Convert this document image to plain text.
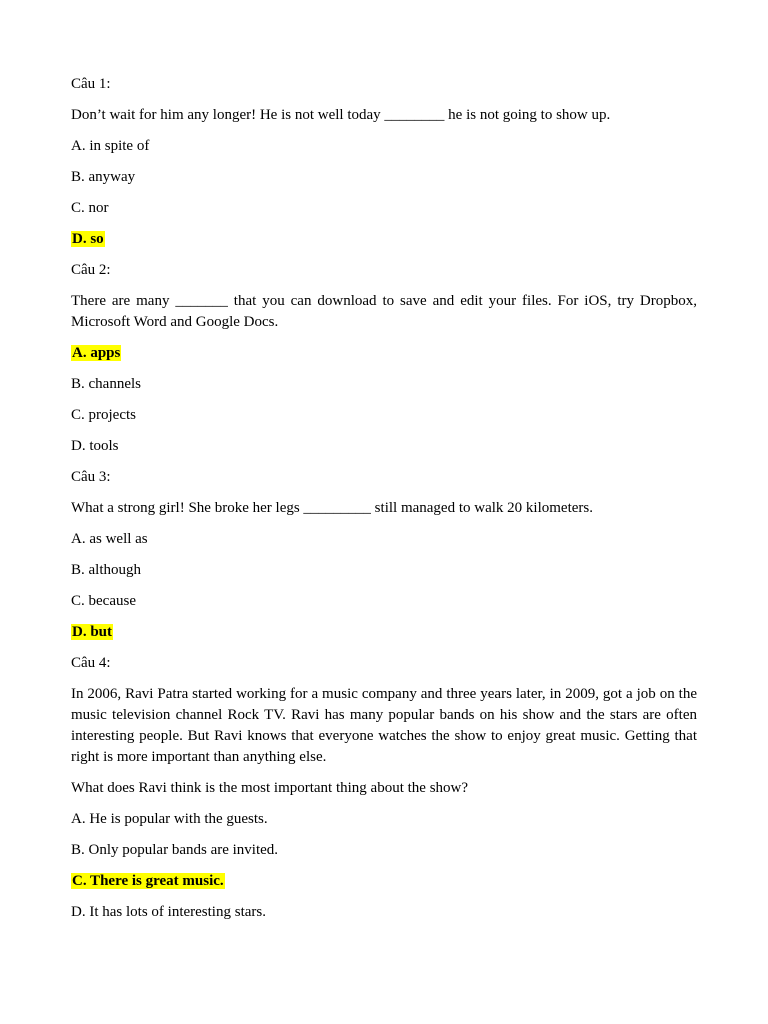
Câu 1:
Don’t wait for him any longer! He is not well today ________ he is not going to show up.
A. in spite of
B. anyway
C. nor
D. so
Câu 2:
There are many _______ that you can download to save and edit your files. For iOS, try Dropbox, Microsoft Word and Google Docs.
A. apps
B. channels
C. projects
D. tools
Câu 3:
What a strong girl! She broke her legs _________ still managed to walk 20 kilometers.
A. as well as
B. although
C. because
D. but
Câu 4:
In 2006, Ravi Patra started working for a music company and three years later, in 2009, got a job on the music television channel Rock TV. Ravi has many popular bands on his show and the stars are often interesting people. But Ravi knows that everyone watches the show to enjoy great music. Getting that right is more important than anything else.
What does Ravi think is the most important thing about the show?
A. He is popular with the guests.
B. Only popular bands are invited.
C. There is great music.
D. It has lots of interesting stars.
